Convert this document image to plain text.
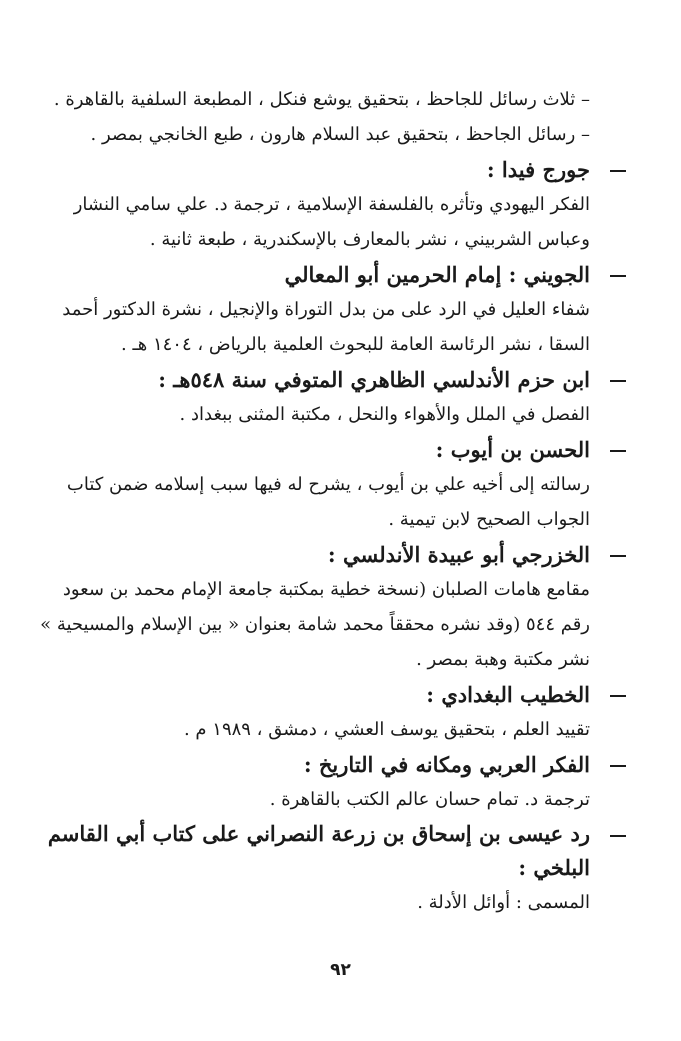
– ثلاث رسائل للجاحظ ، بتحقيق يوشع فنكل ، المطبعة السلفية بالقاهرة .
– رسائل الجاحظ ، بتحقيق عبد السلام هارون ، طبع الخانجي بمصر .
جورج فيدا :
الفكر اليهودي وتأثره بالفلسفة الإسلامية ، ترجمة د. علي سامي النشار
وعباس الشربيني ، نشر بالمعارف بالإسكندرية ، طبعة ثانية .
الجويني : إمام الحرمين أبو المعالي
شفاء العليل في الرد على من بدل التوراة والإنجيل ، نشرة الدكتور أحمد
السقا ، نشر الرئاسة العامة للبحوث العلمية بالرياض ، ١٤٠٤ هـ .
ابن حزم الأندلسي الظاهري المتوفي سنة ٥٤٨هـ :
الفصل في الملل والأهواء والنحل ، مكتبة المثنى ببغداد .
الحسن بن أيوب :
رسالته إلى أخيه علي بن أيوب ، يشرح له فيها سبب إسلامه ضمن كتاب
الجواب الصحيح لابن تيمية .
الخزرجي أبو عبيدة الأندلسي :
مقامع هامات الصلبان (نسخة خطية بمكتبة جامعة الإمام محمد بن سعود
رقم ٥٤٤ (وقد نشره محققاً محمد شامة بعنوان « بين الإسلام والمسيحية »
نشر مكتبة وهبة بمصر .
الخطيب البغدادي :
تقييد العلم ، بتحقيق يوسف العشي ، دمشق ، ١٩٨٩ م .
الفكر العربي ومكانه في التاريخ :
ترجمة د. تمام حسان عالم الكتب بالقاهرة .
رد عيسى بن إسحاق بن زرعة النصراني على كتاب أبي القاسم البلخي :
المسمى : أوائل الأدلة .
٩٢
